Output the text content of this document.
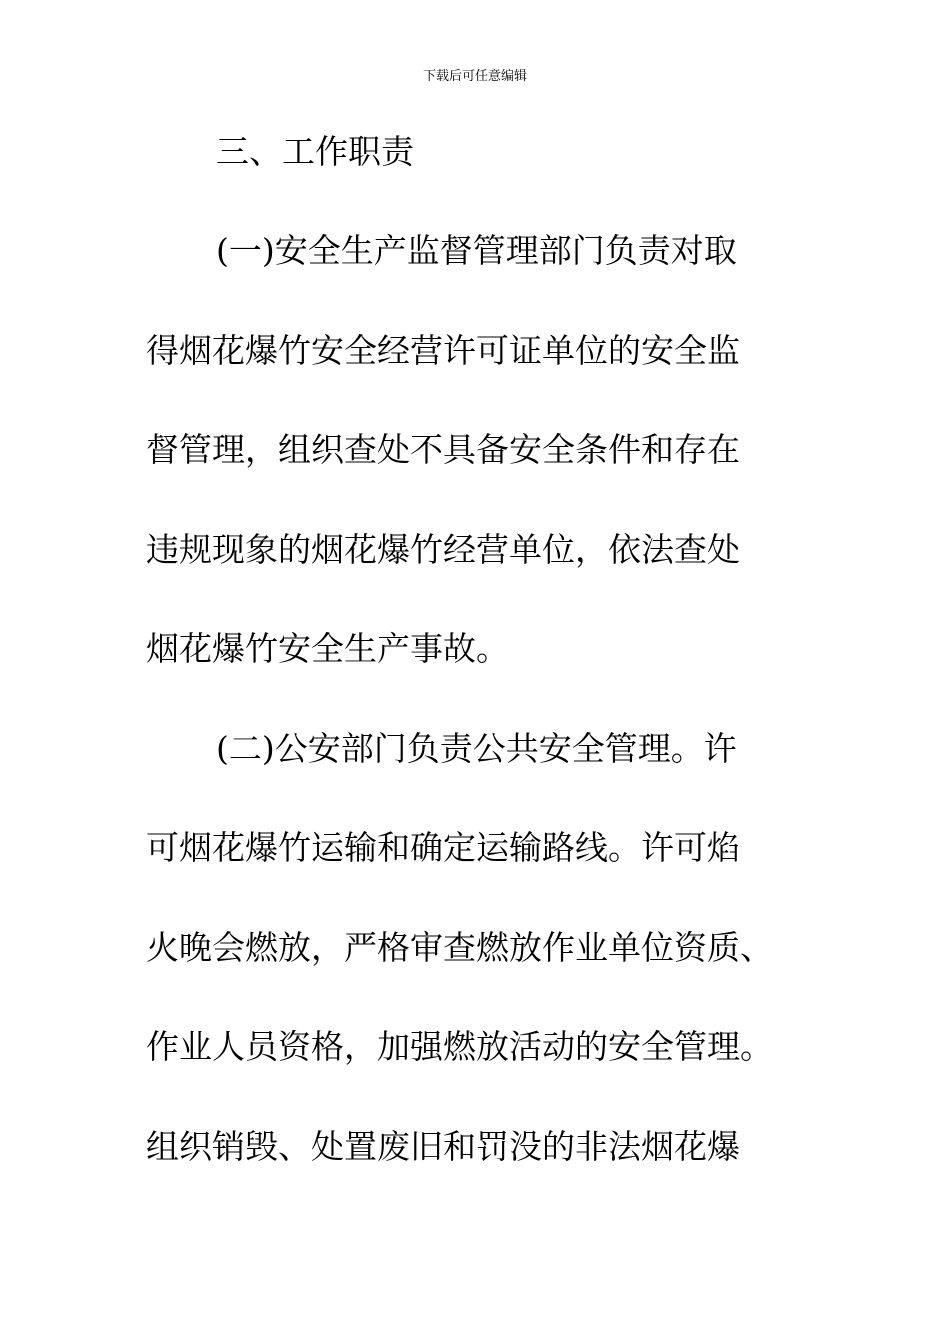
下载后可任意编辑
三、工作职责
(一)安全生产监督管理部门负责对取
得烟花爆竹安全经营许可证单位的安全监
督管理，组织查处不具备安全条件和存在
违规现象的烟花爆竹经营单位，依法查处
烟花爆竹安全生产事故。
(二)公安部门负责公共安全管理。许
可烟花爆竹运输和确定运输路线。许可焰
火晚会燃放，严格审查燃放作业单位资质、
作业人员资格，加强燃放活动的安全管理。
组织销毁、处置废旧和罚没的非法烟花爆
